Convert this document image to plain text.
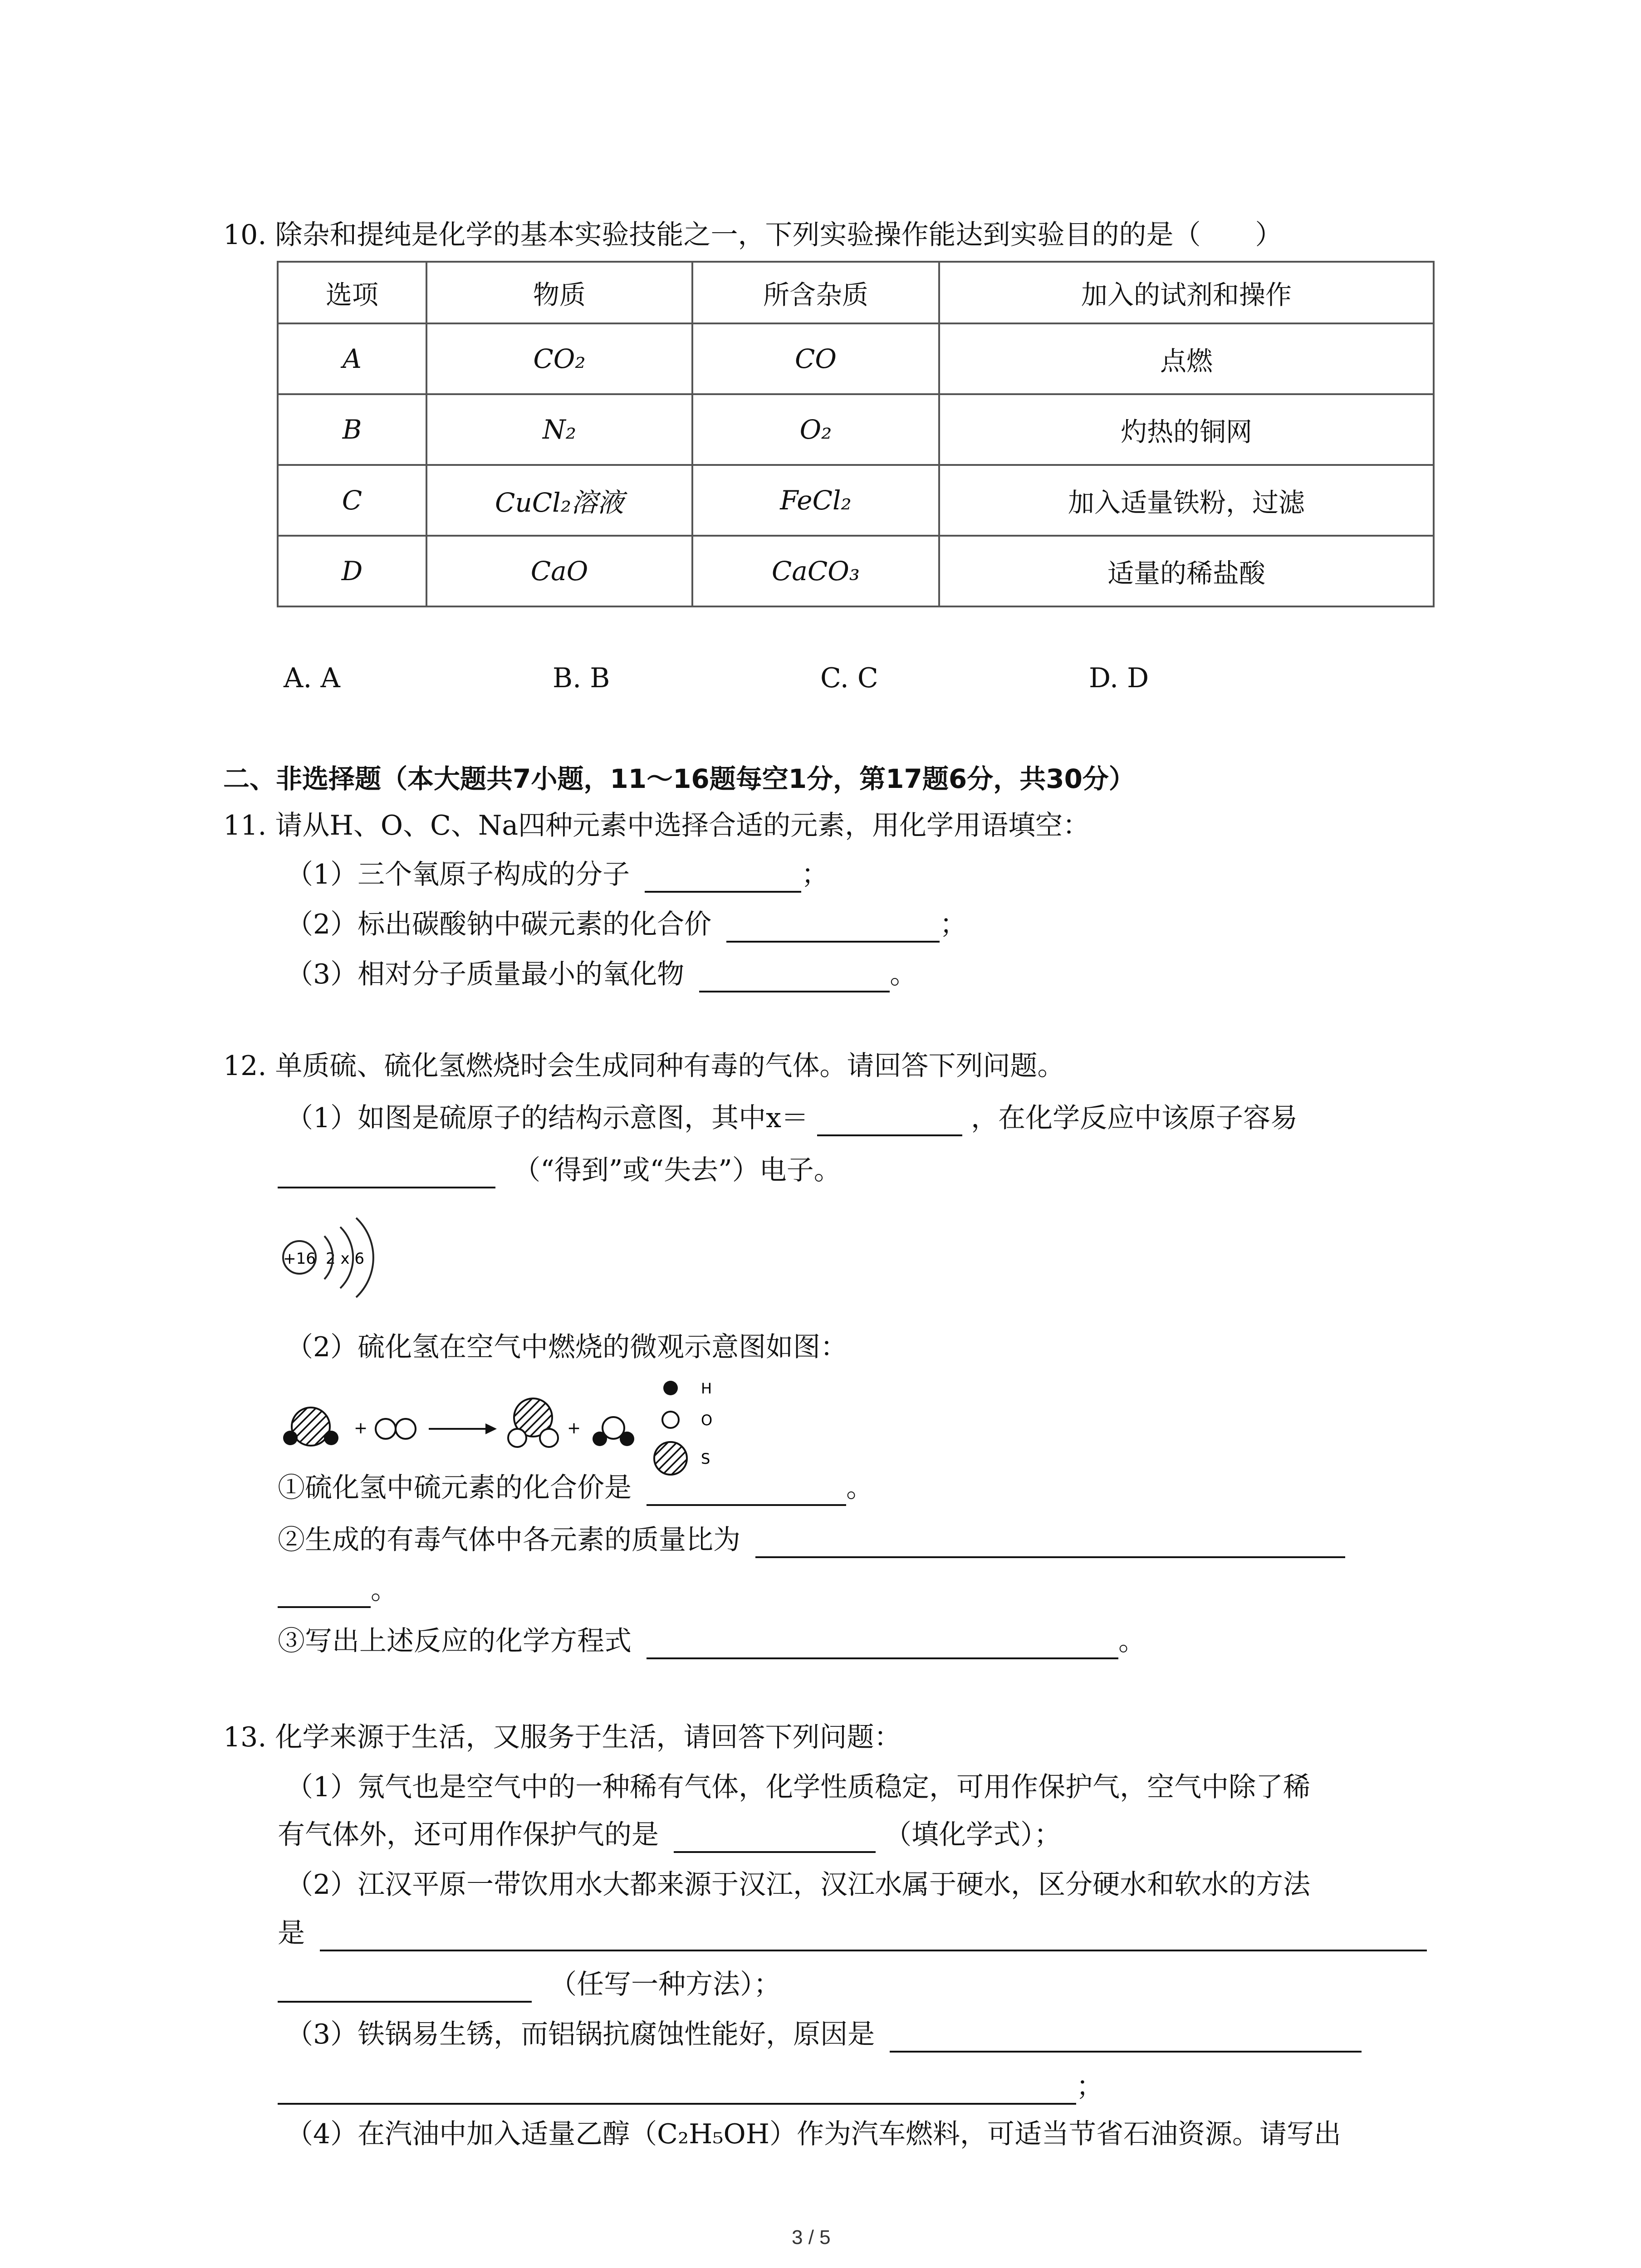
10. 除杂和提纯是化学的基本实验技能之一，下列实验操作能达到实验目的的是（　　）
选项	物质	所含杂质	加入的试剂和操作
A	CO₂	CO	点燃
B	N₂	O₂	灼热的铜网
C	CuCl₂溶液	FeCl₂	加入适量铁粉，过滤
D	CaO	CaCO₃	适量的稀盐酸
A. A	B. B	C. C	D. D
二、非选择题（本大题共7小题，11～16题每空1分，第17题6分，共30分）
11. 请从H、O、C、Na四种元素中选择合适的元素，用化学用语填空：
（1）三个氧原子构成的分子	；
（2）标出碳酸钠中碳元素的化合价	；
（3）相对分子质量最小的氧化物	。
12. 单质硫、硫化氢燃烧时会生成同种有毒的气体。请回答下列问题。
（1）如图是硫原子的结构示意图，其中x＝	，在化学反应中该原子容易
（“得到”或“失去”）电子。
+16 2 x 6
（2）硫化氢在空气中燃烧的微观示意图如图：
+	+
H
O
S
①硫化氢中硫元素的化合价是	。
②生成的有毒气体中各元素的质量比为
。
③写出上述反应的化学方程式	。
13. 化学来源于生活，又服务于生活，请回答下列问题：
（1）氖气也是空气中的一种稀有气体，化学性质稳定，可用作保护气，空气中除了稀
有气体外，还可用作保护气的是	（填化学式）；
（2）江汉平原一带饮用水大都来源于汉江，汉江水属于硬水，区分硬水和软水的方法
是
（任写一种方法）；
（3）铁锅易生锈，而铝锅抗腐蚀性能好，原因是
；
（4）在汽油中加入适量乙醇（C₂H₅OH）作为汽车燃料，可适当节省石油资源。请写出
3 / 5
